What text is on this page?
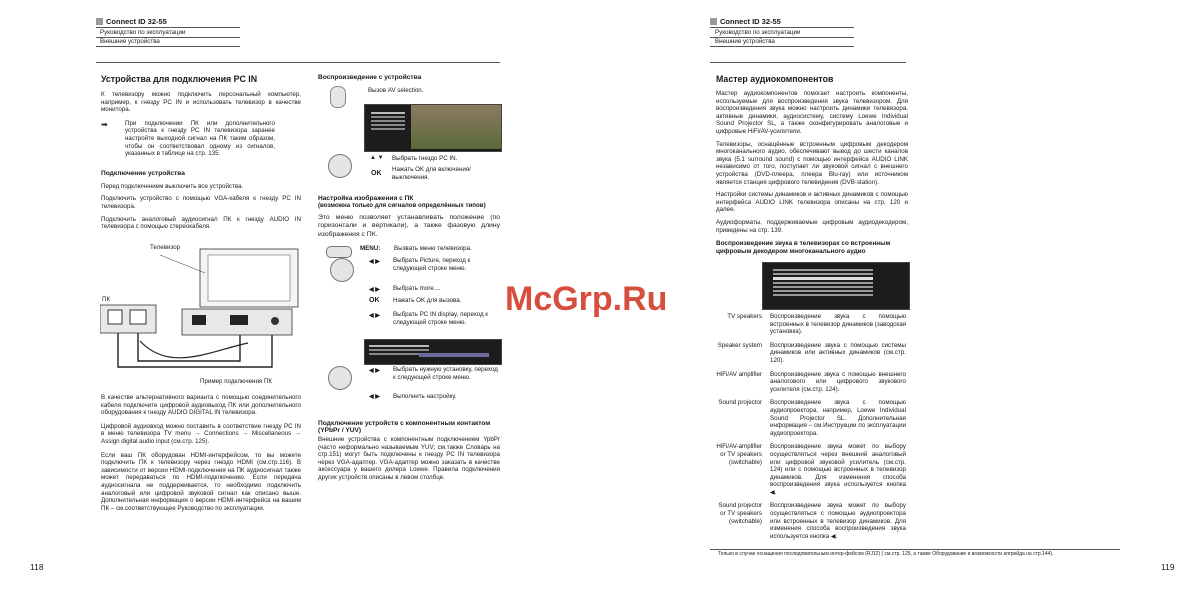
Connect ID 32-55
Руководство по эксплуатации
Внешние устройства
Устройства для подключения PC IN
К телевизору можно подключить персональный компьютер, например, к гнезду PC IN и использовать телевизор в качестве монитора.
➡	При подключении ПК или дополнительного устройства к гнезду PC IN телевизора заранее настройте выходной сигнал на ПК таким образом, чтобы он соответствовал одному из сигналов, указанных в таблице на стр. 135.
Подключение устройства
Перед подключением выключить все устройства.
Подключить устройство с помощью VGA-кабеля к гнезду PC IN телевизора.
Подключить аналоговый аудиосигнал ПК к гнезду AUDIO IN телевизора с помощью стереокабеля.
Телевизор
ПК
Пример подключения ПК
В качестве альтернативного варианта с помощью соединительного кабеля подключите цифровой аудиовыход ПК или дополнительного оборудования к гнезду AUDIO DIGITAL IN телевизора.
Цифровой аудиовход можно поставить в соответствие гнезду PC IN в меню телевизора TV menu → Connections → Miscellaneous → Assign digital audio input (см.стр. 125).
Если ваш ПК оборудован HDMI-интерфейсом, то вы можете подключить ПК к телевизору через гнездо HDMI (см.стр.116). В зависимости от версии HDMI-подключения на ПК аудиосигнал также может передаваться по HDMI-подключению. Если передача аудиосигнала не поддерживается, то необходимо подключить аналоговый или цифровой звуковой сигнал как описано выше. Дополнительная информация о версии HDMI-интерфейса на вашем ПК – см.соответствующее Руководство по эксплуатации.
Воспроизведение с устройства
Вызов AV selection.
▲ ▼ Выбрать гнездо PC IN.
OK
Нажать OK для включения/выключения.
Настройка изображения с ПК
(возможна только для сигналов определённых типов)
Это меню позволяет устанавливать положение (по горизонтали и вертикали), а также фазовую длину изображения с ПК.
MENU: Вызвать меню телевизора.
◀ ▶ Выбрать Picture, переход к следующей строке меню.
◀ ▶ Выбрать more....
OK Нажать OK для вызова.
◀ ▶ Выбрать PC IN display, переход к следующей строке меню.
◀ ▶ Выбрать нужную установку, переход к следующей строке меню.
◀ ▶ Выполнить настройку.
Подключение устройств с компонентным контактом (YPbPr / YUV)
Внешние устройства с компонентным подключением YpbPr (часто неформально называемым YUV; см.также Словарь на стр.151) могут быть подключены к гнезду PC IN телевизора через VGA-адаптер. VGA-адаптер можно заказать в качестве аксессуара у вашего дилера Loewe. Правила подключения других устройств описаны в левом столбце.
118
Connect ID 32-55
Руководство по эксплуатации
Внешние устройства
Мастер аудиокомпонентов
Мастер аудиокомпонентов помогает настроить компоненты, используемые для воспроизведения звука телевизором. Для воспроизведения звука можно настроить динамики телевизора, активные динамики, аудиосистему, систему Loewe Individual Sound Projector SL, а также сконфигурировать аналоговые и цифровые HiFi/AV-усилители.
Телевизоры, оснащённые встроенным цифровым декодером многоканального аудио, обеспечивают вывод до шести каналов звука (5.1 surround sound) с помощью интерфейса AUDIO LINK независимо от того, поступает ли звуковой сигнал с внешнего устройства (DVD-плеера, плеера Blu-ray) или источником является станция цифрового телевидения (DVB-station).
Настройки системы динамиков и активных динамиков с помощью интерфейса AUDIO LINK телевизора описаны на стр. 120 и далее.
Аудиоформаты, поддерживаемые цифровым аудиодекодером, приведены на стр. 139.
Воспроизведение звука в телевизорах со встроенным цифровым декодером многоканального аудио
TV speakers Воспроизведение звука с помощью встроенных в телевизор динамиков (заводская установка).
Speaker system Воспроизведение звука с помощью системы динамиков или активных динамиков (см.стр. 120).
HiFi/AV amplifier Воспроизведение звука с помощью внешнего аналогового или цифрового звукового усилителя (см.стр. 124).
Sound projector Воспроизведение звука с помощью аудиопроектора, например, Loewe Individual Sound Projector SL. Дополнительная информация – см.Инструкции по эксплуатации аудиопроектора.
HiFi/AV-amplifier or TV speakers (switchable)
Воспроизведение звука может по выбору осуществляться через внешний аналоговый или цифровой звуковой усилитель (см.стр. 124) или с помощью встроенных в телевизор динамиков. Для изменения способа воспроизведения звука используется кнопка ◀.
Sound projector or TV speakers (switchable)
Воспроизведение звука может по выбору осуществляться с помощью аудиопроектора или встроенных в телевизор динамиков. Для изменения способа воспроизведения звука используется кнопка ◀.
Только в случае оснащения последовательным интер-фейсом (RJ12) ( см.стр. 125, а также Оборудование и возможности апгрейда на стр.144).
119
McGrp.Ru
